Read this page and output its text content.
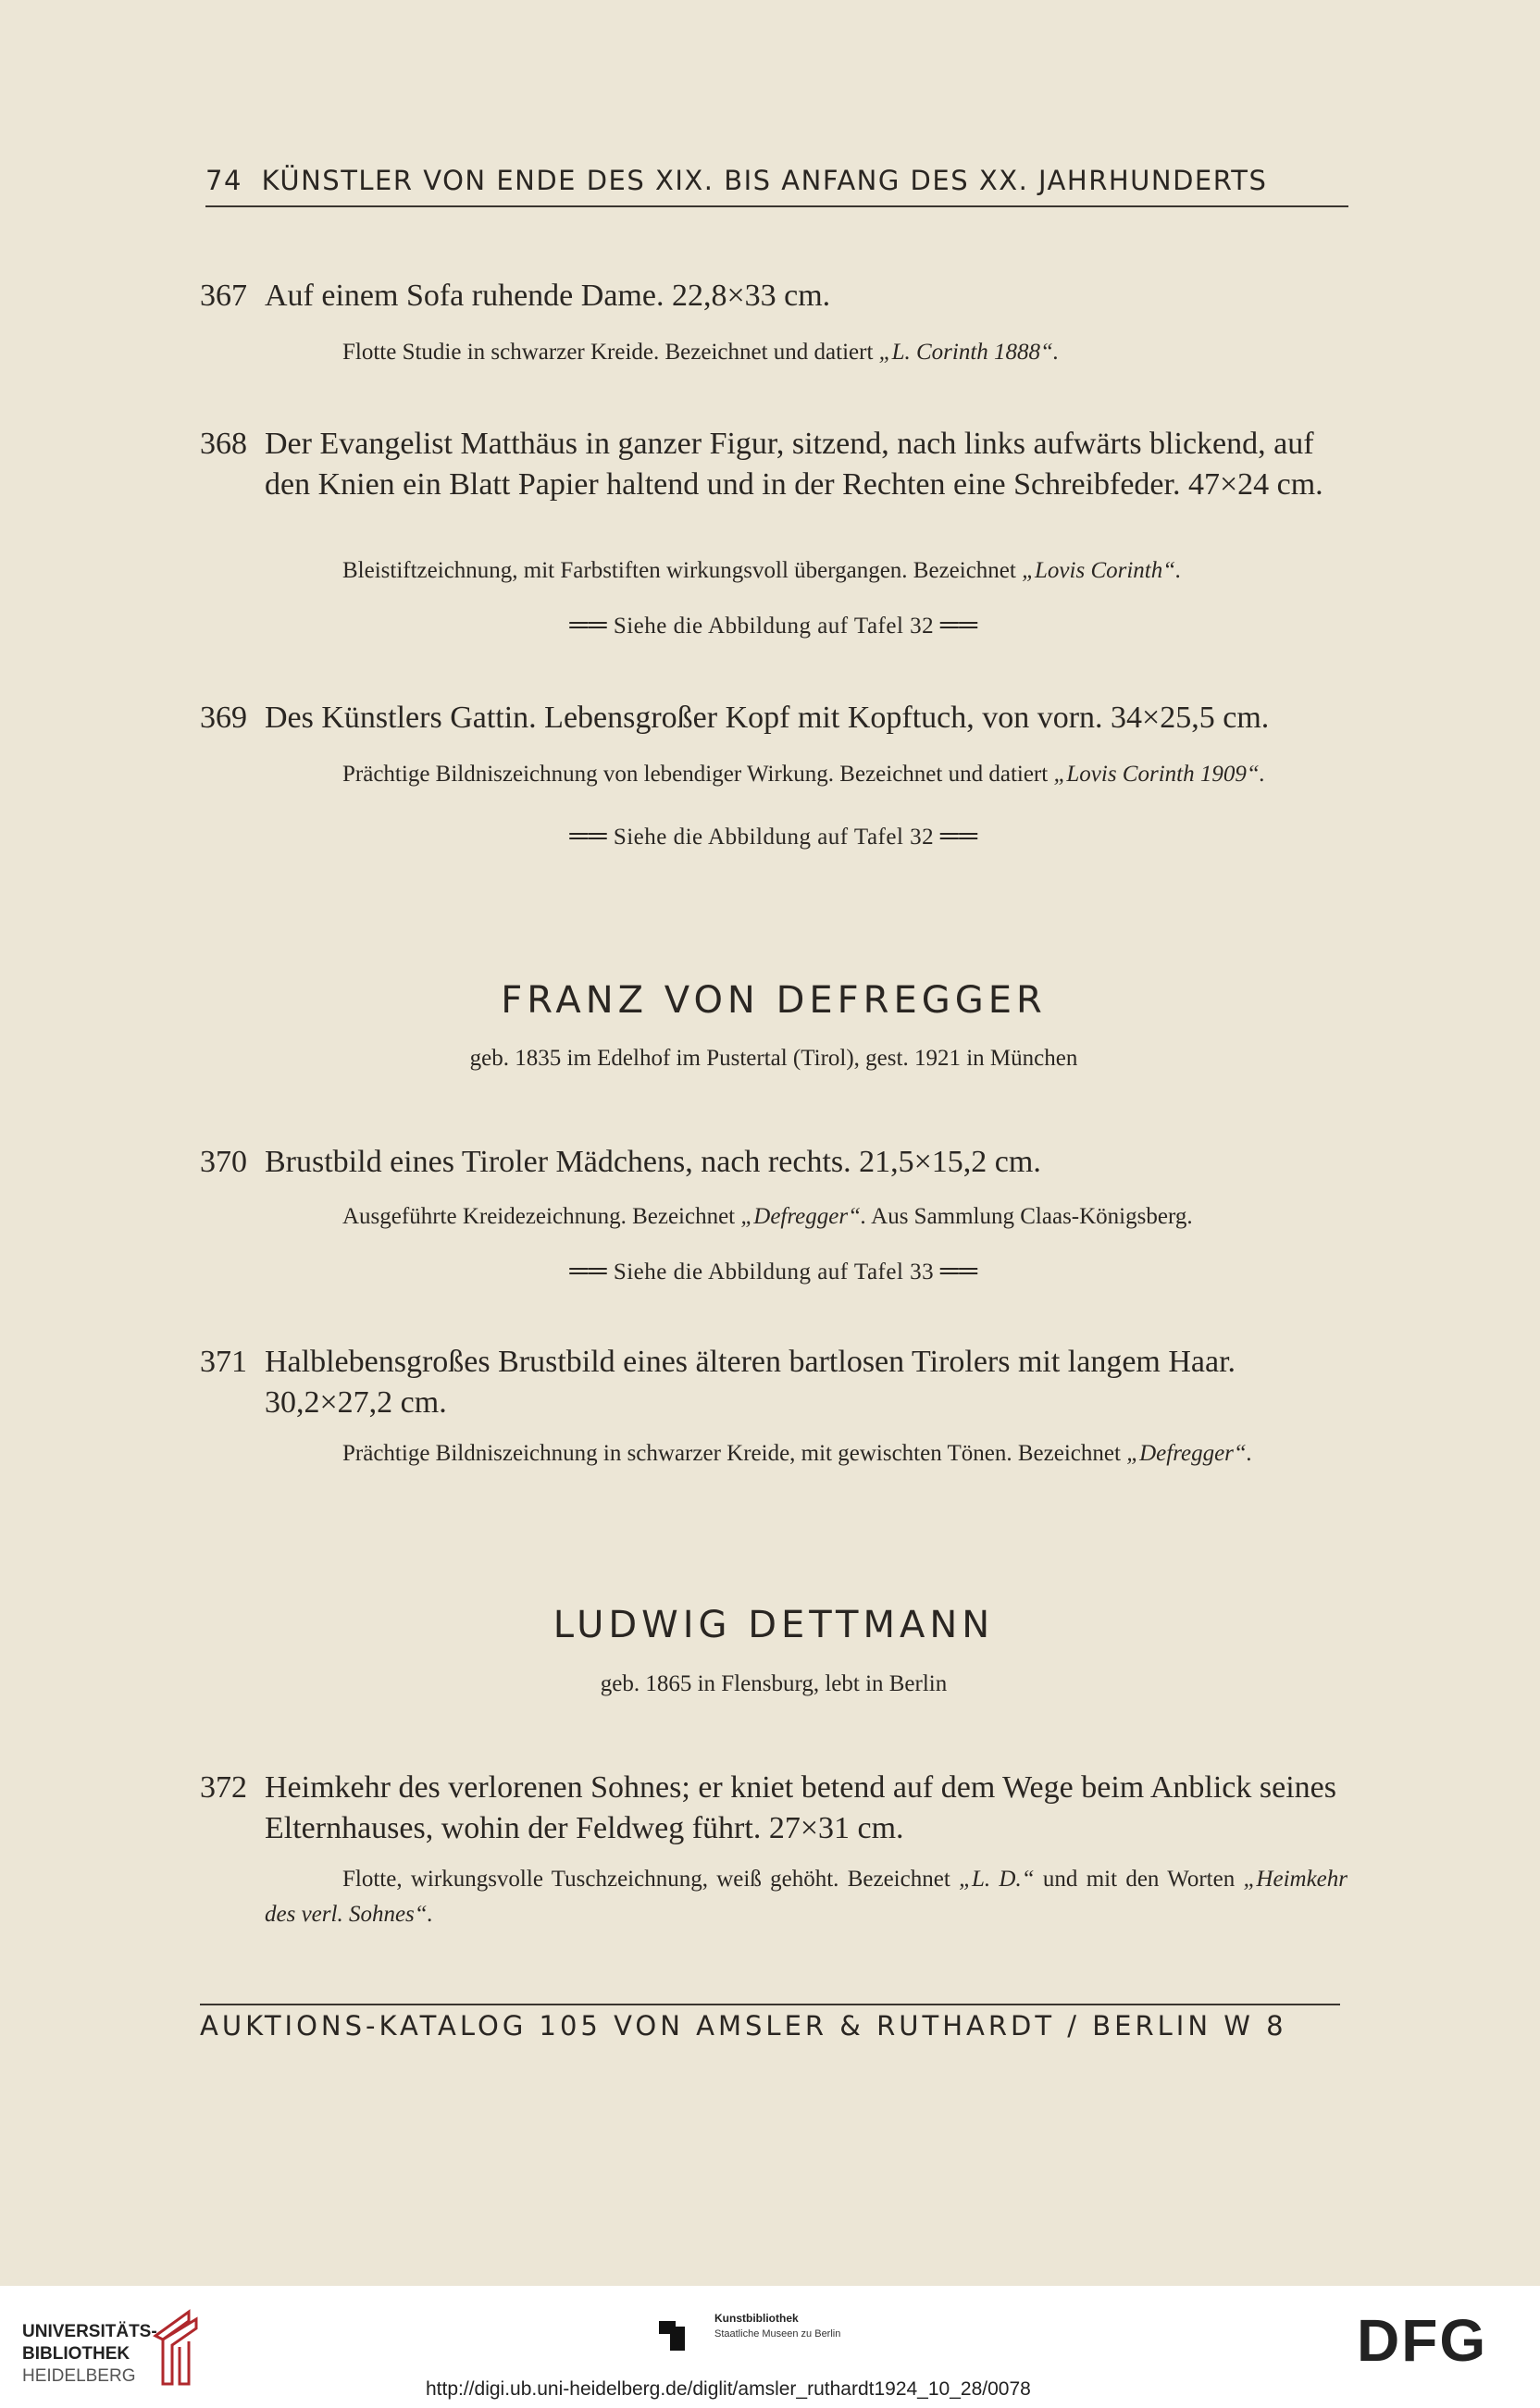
74 KÜNSTLER VON ENDE DES XIX. BIS ANFANG DES XX. JAHRHUNDERTS
367 Auf einem Sofa ruhende Dame. 22,8×33 cm.
Flotte Studie in schwarzer Kreide. Bezeichnet und datiert „L. Corinth 1888“.
368 Der Evangelist Matthäus in ganzer Figur, sitzend, nach links aufwärts blickend, auf den Knien ein Blatt Papier haltend und in der Rechten eine Schreibfeder. 47×24 cm.
Bleistiftzeichnung, mit Farbstiften wirkungsvoll übergangen. Bezeichnet „Lovis Corinth“.
══ Siehe die Abbildung auf Tafel 32 ══
369 Des Künstlers Gattin. Lebensgroßer Kopf mit Kopftuch, von vorn. 34×25,5 cm.
Prächtige Bildniszeichnung von lebendiger Wirkung. Bezeichnet und datiert „Lovis Corinth 1909“.
══ Siehe die Abbildung auf Tafel 32 ══
FRANZ VON DEFREGGER
geb. 1835 im Edelhof im Pustertal (Tirol), gest. 1921 in München
370 Brustbild eines Tiroler Mädchens, nach rechts. 21,5×15,2 cm.
Ausgeführte Kreidezeichnung. Bezeichnet „Defregger“. Aus Sammlung Claas-Königsberg.
══ Siehe die Abbildung auf Tafel 33 ══
371 Halblebensgroßes Brustbild eines älteren bartlosen Tirolers mit langem Haar. 30,2×27,2 cm.
Prächtige Bildniszeichnung in schwarzer Kreide, mit gewischten Tönen. Bezeichnet „Defregger“.
LUDWIG DETTMANN
geb. 1865 in Flensburg, lebt in Berlin
372 Heimkehr des verlorenen Sohnes; er kniet betend auf dem Wege beim Anblick seines Elternhauses, wohin der Feldweg führt. 27×31 cm.
Flotte, wirkungsvolle Tuschzeichnung, weiß gehöht. Bezeichnet „L. D.“ und mit den Worten „Heimkehr des verl. Sohnes“.
AUKTIONS-KATALOG 105 VON AMSLER & RUTHARDT / BERLIN W 8
UNIVERSITÄTS-
BIBLIOTHEK
HEIDELBERG
Kunstbibliothek
Staatliche Museen zu Berlin	DFG
http://digi.ub.uni-heidelberg.de/diglit/amsler_ruthardt1924_10_28/0078
